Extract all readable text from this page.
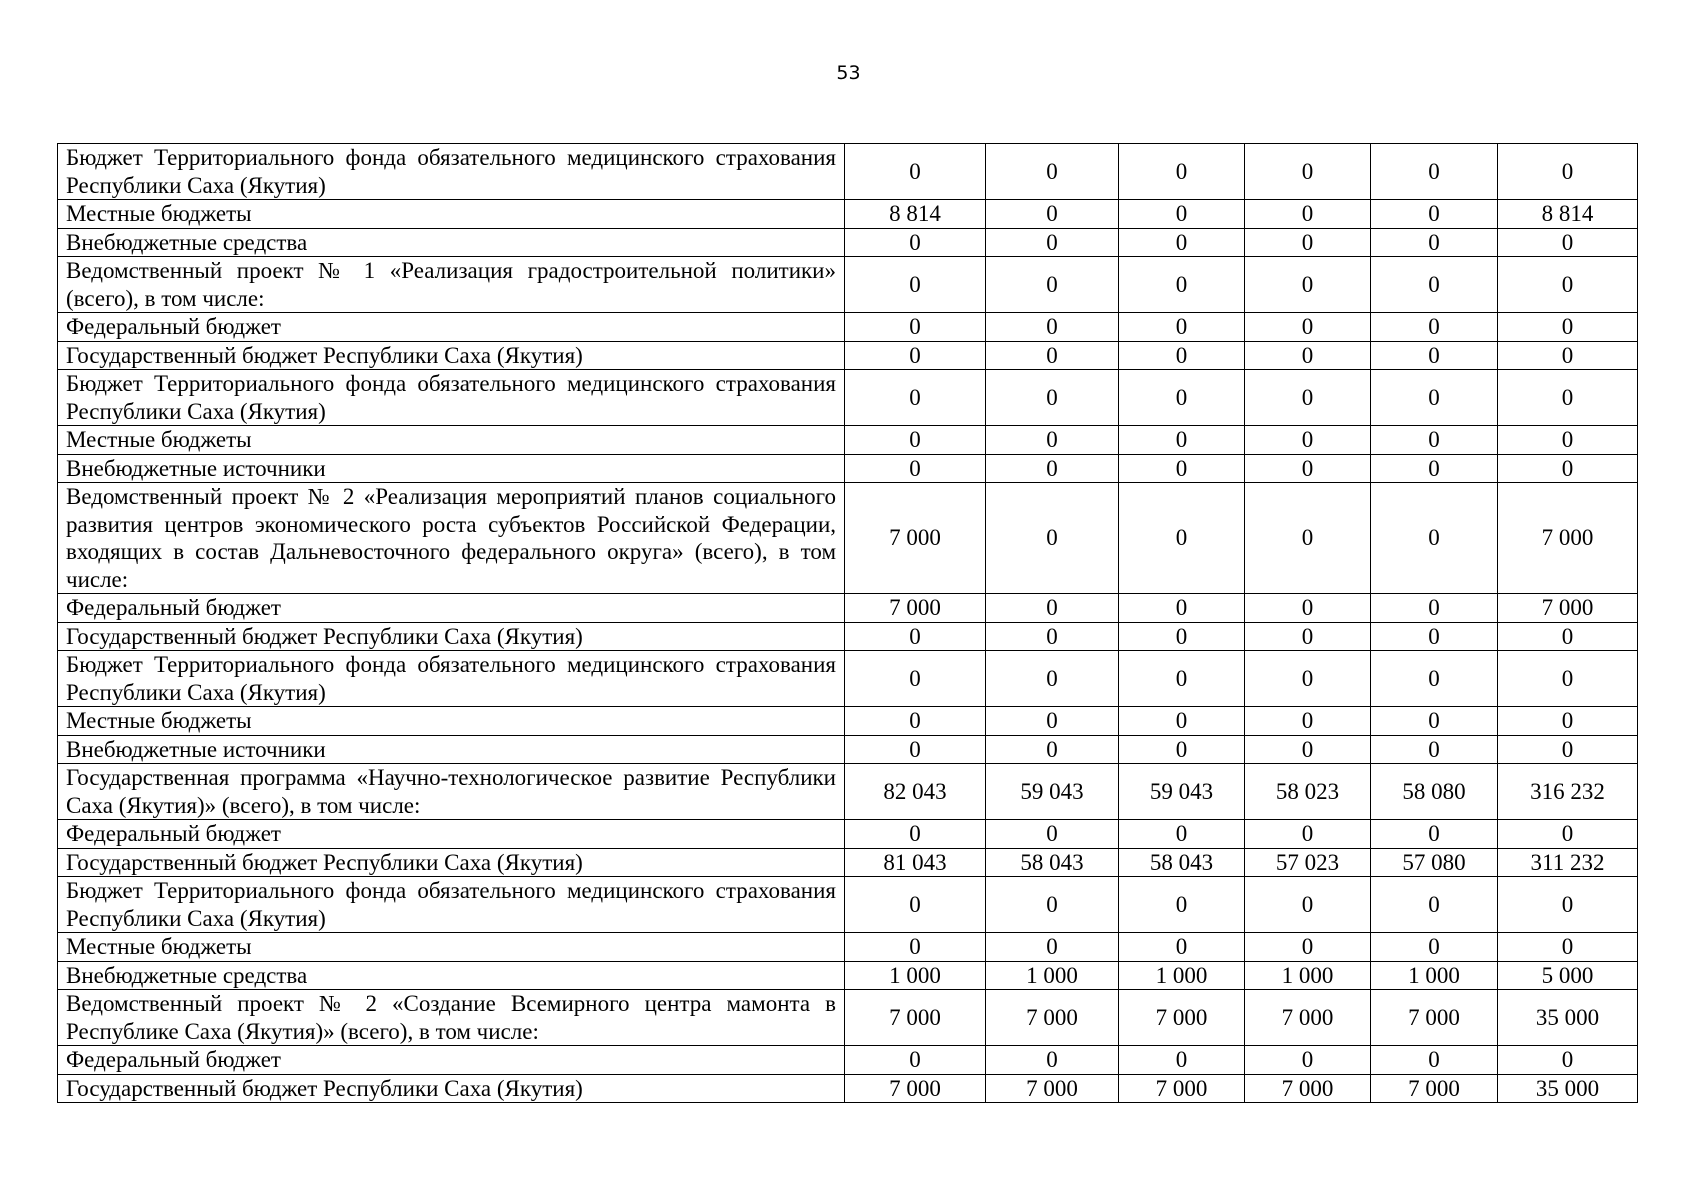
53
Бюджет Территориального фонда обязательного медицинского страхования Республики Саха (Якутия)	0	0	0	0	0	0
Местные бюджеты	8 814	0	0	0	0	8 814
Внебюджетные средства	0	0	0	0	0	0
Ведомственный проект № 1 «Реализация градостроительной политики» (всего), в том числе:	0	0	0	0	0	0
Федеральный бюджет	0	0	0	0	0	0
Государственный бюджет Республики Саха (Якутия)	0	0	0	0	0	0
Бюджет Территориального фонда обязательного медицинского страхования Республики Саха (Якутия)	0	0	0	0	0	0
Местные бюджеты	0	0	0	0	0	0
Внебюджетные источники	0	0	0	0	0	0
Ведомственный проект № 2 «Реализация мероприятий планов социального развития центров экономического роста субъектов Российской Федерации, входящих в состав Дальневосточного федерального округа» (всего), в том числе:	7 000	0	0	0	0	7 000
Федеральный бюджет	7 000	0	0	0	0	7 000
Государственный бюджет Республики Саха (Якутия)	0	0	0	0	0	0
Бюджет Территориального фонда обязательного медицинского страхования Республики Саха (Якутия)	0	0	0	0	0	0
Местные бюджеты	0	0	0	0	0	0
Внебюджетные источники	0	0	0	0	0	0
Государственная программа «Научно-технологическое развитие Республики Саха (Якутия)» (всего), в том числе:	82 043	59 043	59 043	58 023	58 080	316 232
Федеральный бюджет	0	0	0	0	0	0
Государственный бюджет Республики Саха (Якутия)	81 043	58 043	58 043	57 023	57 080	311 232
Бюджет Территориального фонда обязательного медицинского страхования Республики Саха (Якутия)	0	0	0	0	0	0
Местные бюджеты	0	0	0	0	0	0
Внебюджетные средства	1 000	1 000	1 000	1 000	1 000	5 000
Ведомственный проект № 2 «Создание Всемирного центра мамонта в Республике Саха (Якутия)» (всего), в том числе:	7 000	7 000	7 000	7 000	7 000	35 000
Федеральный бюджет	0	0	0	0	0	0
Государственный бюджет Республики Саха (Якутия)	7 000	7 000	7 000	7 000	7 000	35 000
